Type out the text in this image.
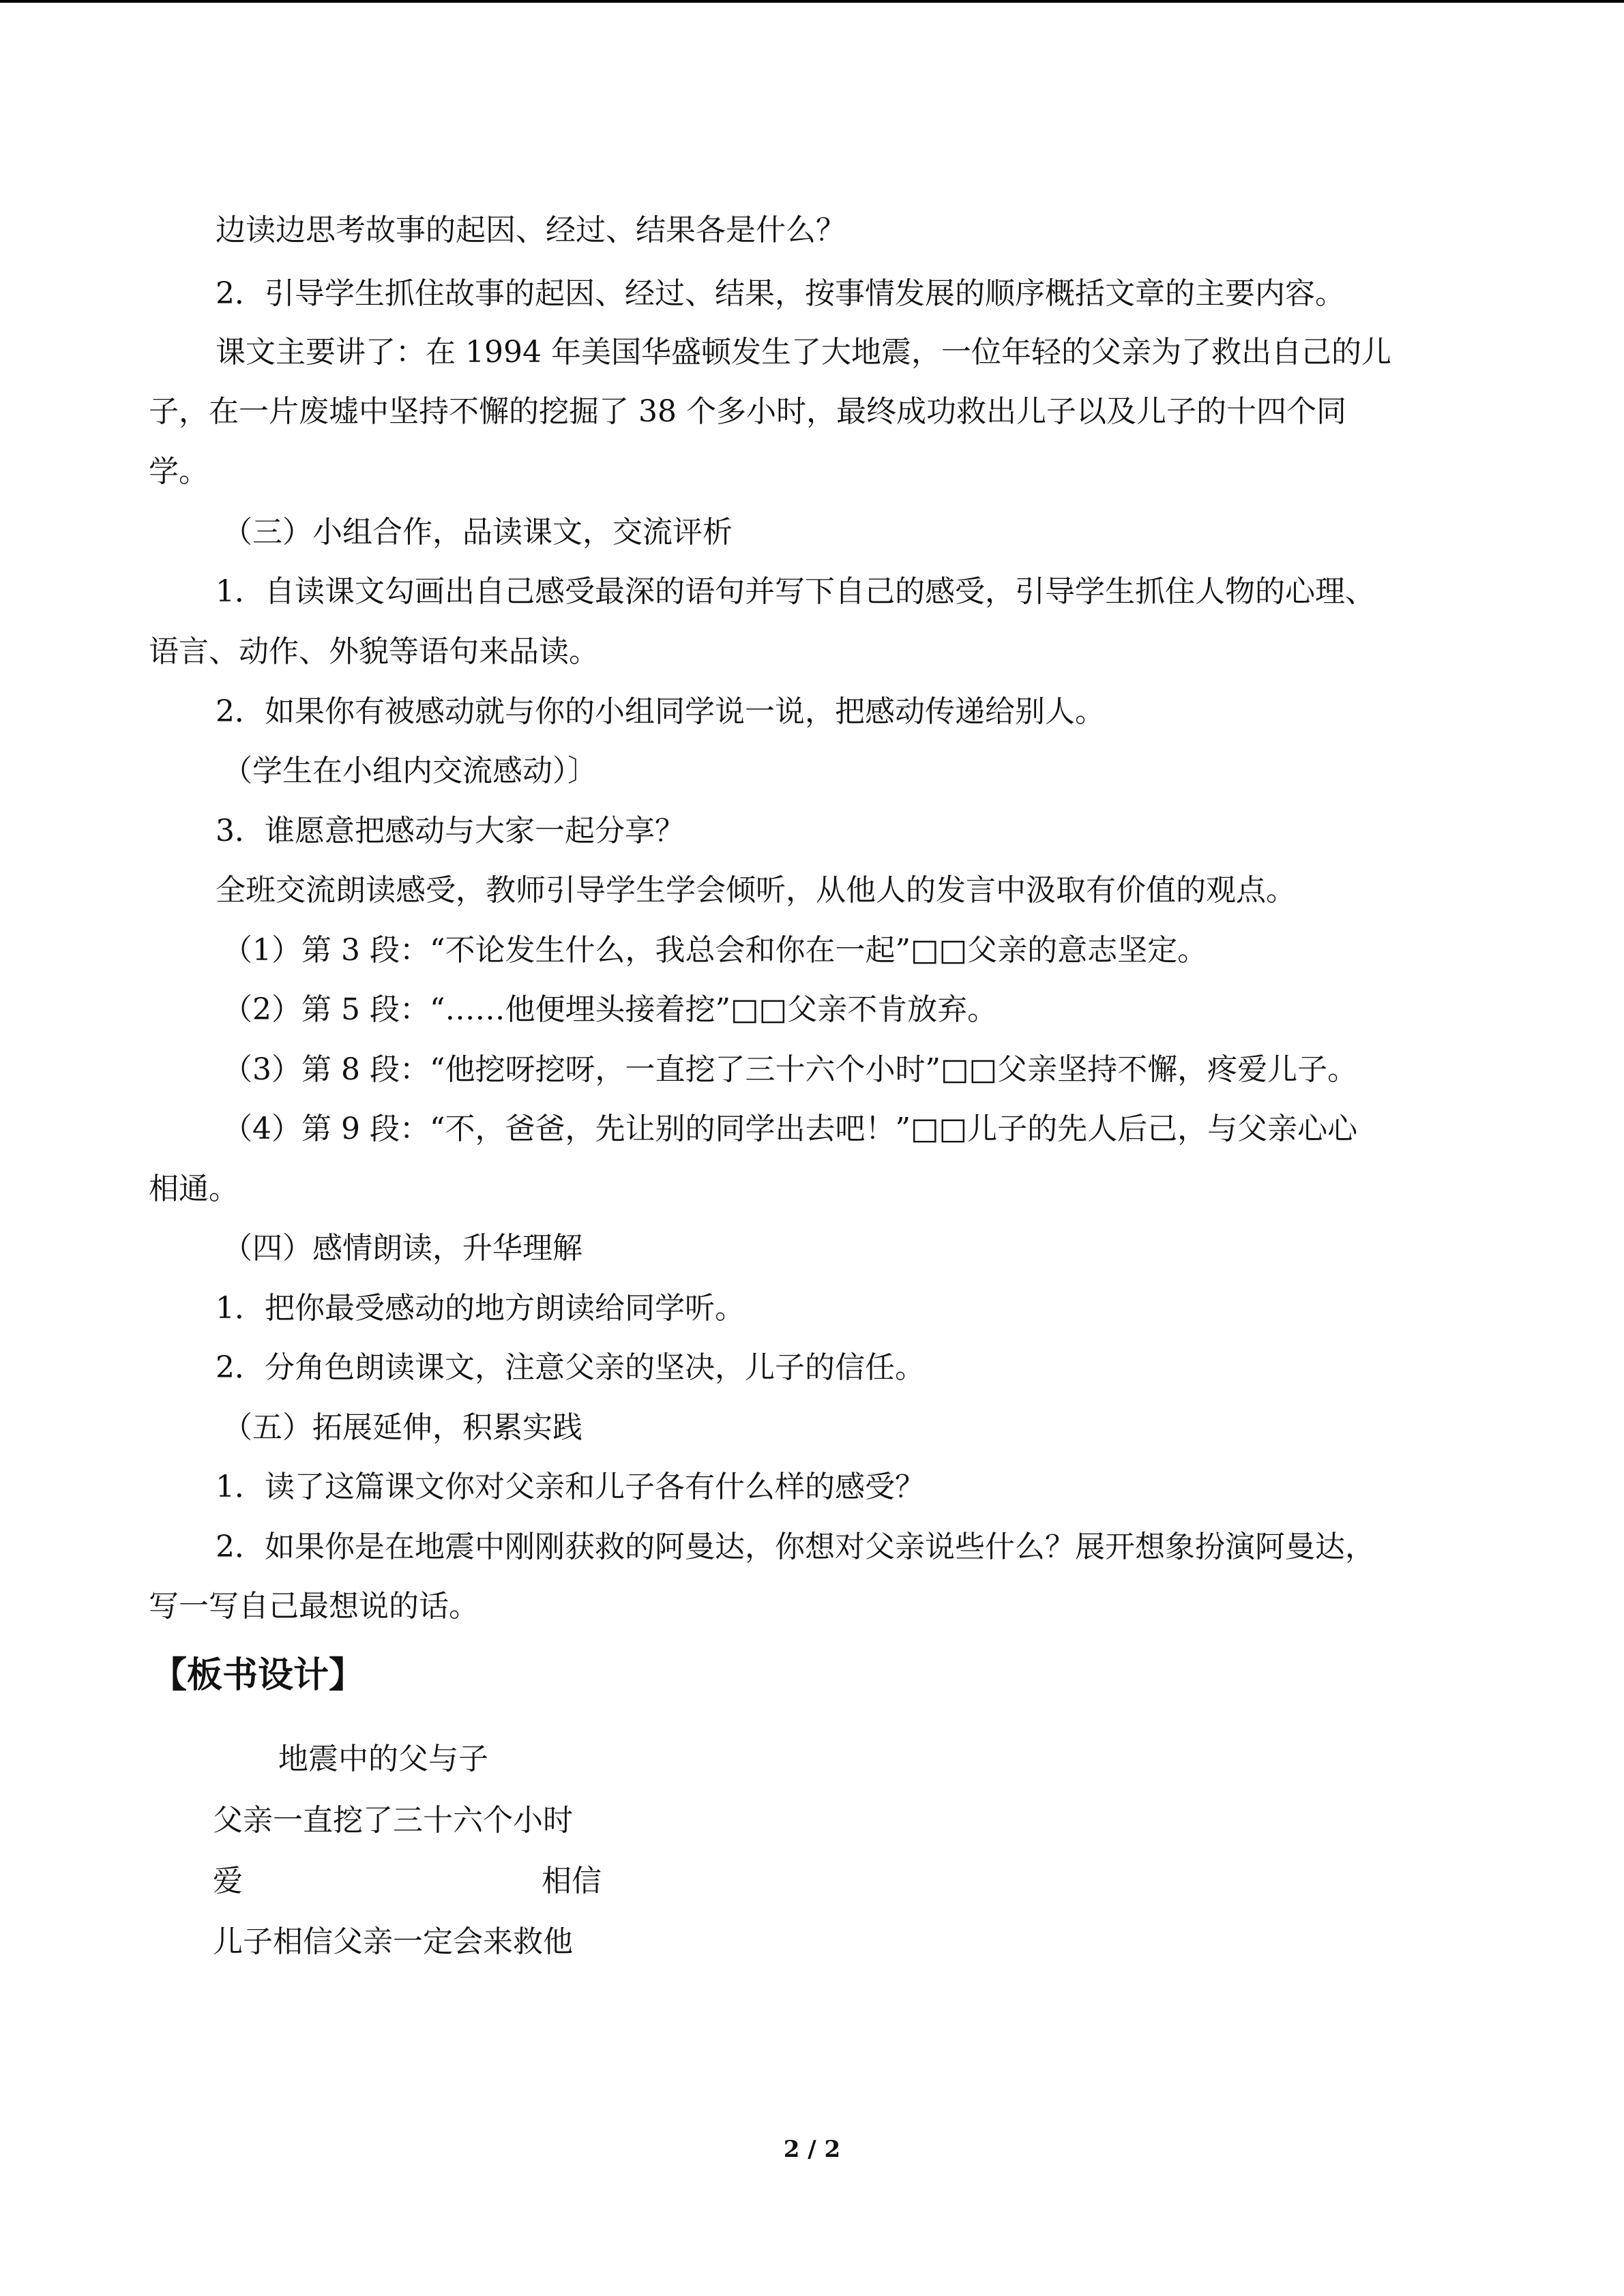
边读边思考故事的起因、经过、结果各是什么？
2．引导学生抓住故事的起因、经过、结果，按事情发展的顺序概括文章的主要内容。
课文主要讲了：在 1994 年美国华盛顿发生了大地震，一位年轻的父亲为了救出自己的儿
子，在一片废墟中坚持不懈的挖掘了 38 个多小时，最终成功救出儿子以及儿子的十四个同
学。
（三）小组合作，品读课文，交流评析
1．自读课文勾画出自己感受最深的语句并写下自己的感受，引导学生抓住人物的心理、
语言、动作、外貌等语句来品读。
2．如果你有被感动就与你的小组同学说一说，把感动传递给别人。
（学生在小组内交流感动）〕
3．谁愿意把感动与大家一起分享？
全班交流朗读感受，教师引导学生学会倾听，从他人的发言中汲取有价值的观点。
（1）第 3 段：“不论发生什么，我总会和你在一起”□□父亲的意志坚定。
（2）第 5 段：“……他便埋头接着挖”□□父亲不肯放弃。
（3）第 8 段：“他挖呀挖呀，一直挖了三十六个小时”□□父亲坚持不懈，疼爱儿子。
（4）第 9 段：“不，爸爸，先让别的同学出去吧！”□□儿子的先人后己，与父亲心心
相通。
（四）感情朗读，升华理解
1．把你最受感动的地方朗读给同学听。
2．分角色朗读课文，注意父亲的坚决，儿子的信任。
（五）拓展延伸，积累实践
1．读了这篇课文你对父亲和儿子各有什么样的感受？
2．如果你是在地震中刚刚获救的阿曼达，你想对父亲说些什么？展开想象扮演阿曼达，
写一写自己最想说的话。
【板书设计】
地震中的父与子
父亲一直挖了三十六个小时
爱	相信
儿子相信父亲一定会来救他
2 / 2
